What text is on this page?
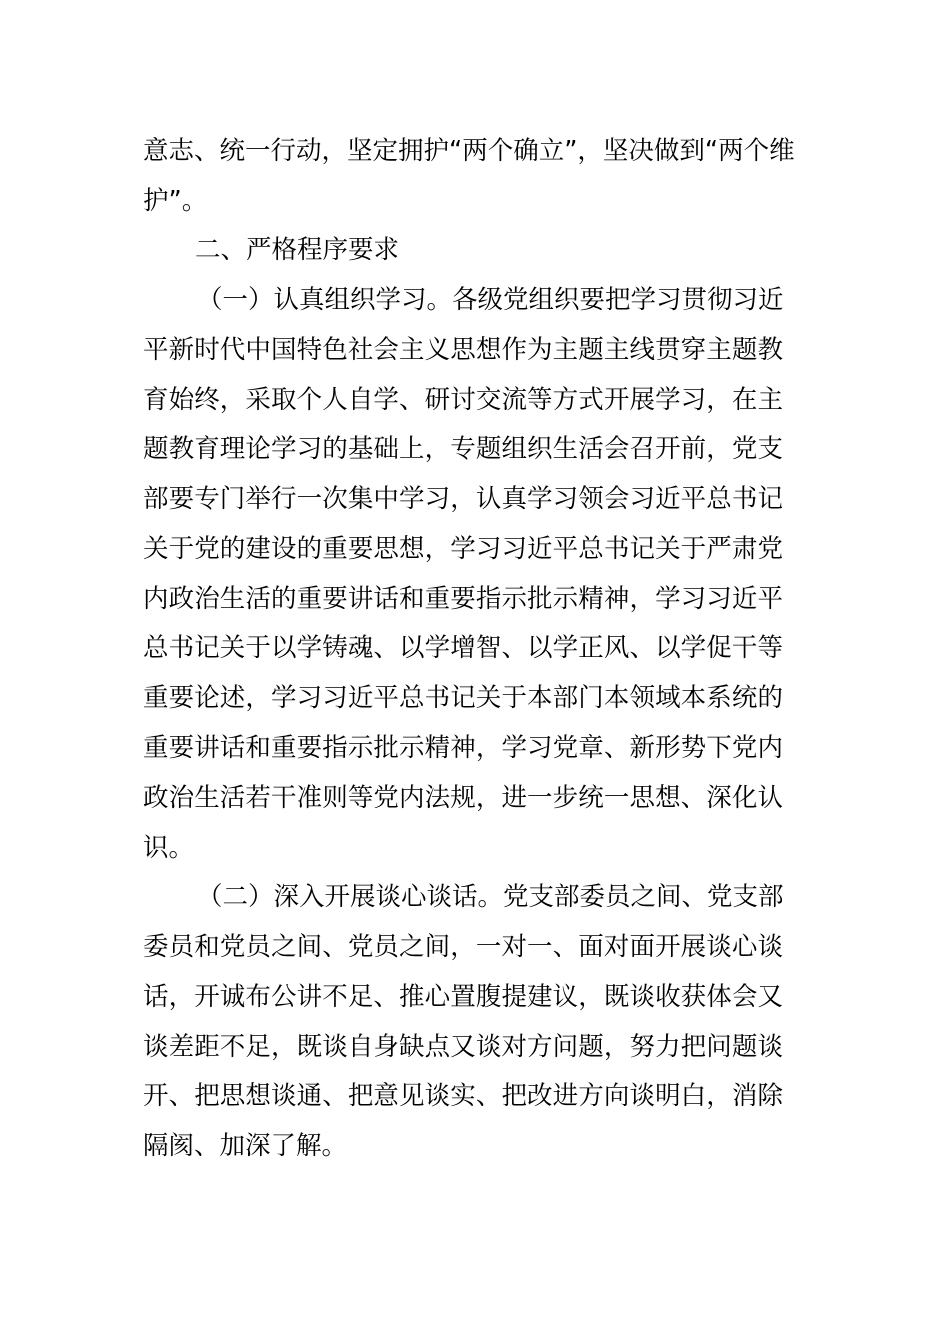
意志、统一行动，坚定拥护“两个确立”，坚决做到“两个维
护”。
二、严格程序要求
（一）认真组织学习。各级党组织要把学习贯彻习近
平新时代中国特色社会主义思想作为主题主线贯穿主题教
育始终，采取个人自学、研讨交流等方式开展学习，在主
题教育理论学习的基础上，专题组织生活会召开前，党支
部要专门举行一次集中学习，认真学习领会习近平总书记
关于党的建设的重要思想，学习习近平总书记关于严肃党
内政治生活的重要讲话和重要指示批示精神，学习习近平
总书记关于以学铸魂、以学增智、以学正风、以学促干等
重要论述，学习习近平总书记关于本部门本领域本系统的
重要讲话和重要指示批示精神，学习党章、新形势下党内
政治生活若干准则等党内法规，进一步统一思想、深化认
识。
（二）深入开展谈心谈话。党支部委员之间、党支部
委员和党员之间、党员之间，一对一、面对面开展谈心谈
话，开诚布公讲不足、推心置腹提建议，既谈收获体会又
谈差距不足，既谈自身缺点又谈对方问题，努力把问题谈
开、把思想谈通、把意见谈实、把改进方向谈明白，消除
隔阂、加深了解。
